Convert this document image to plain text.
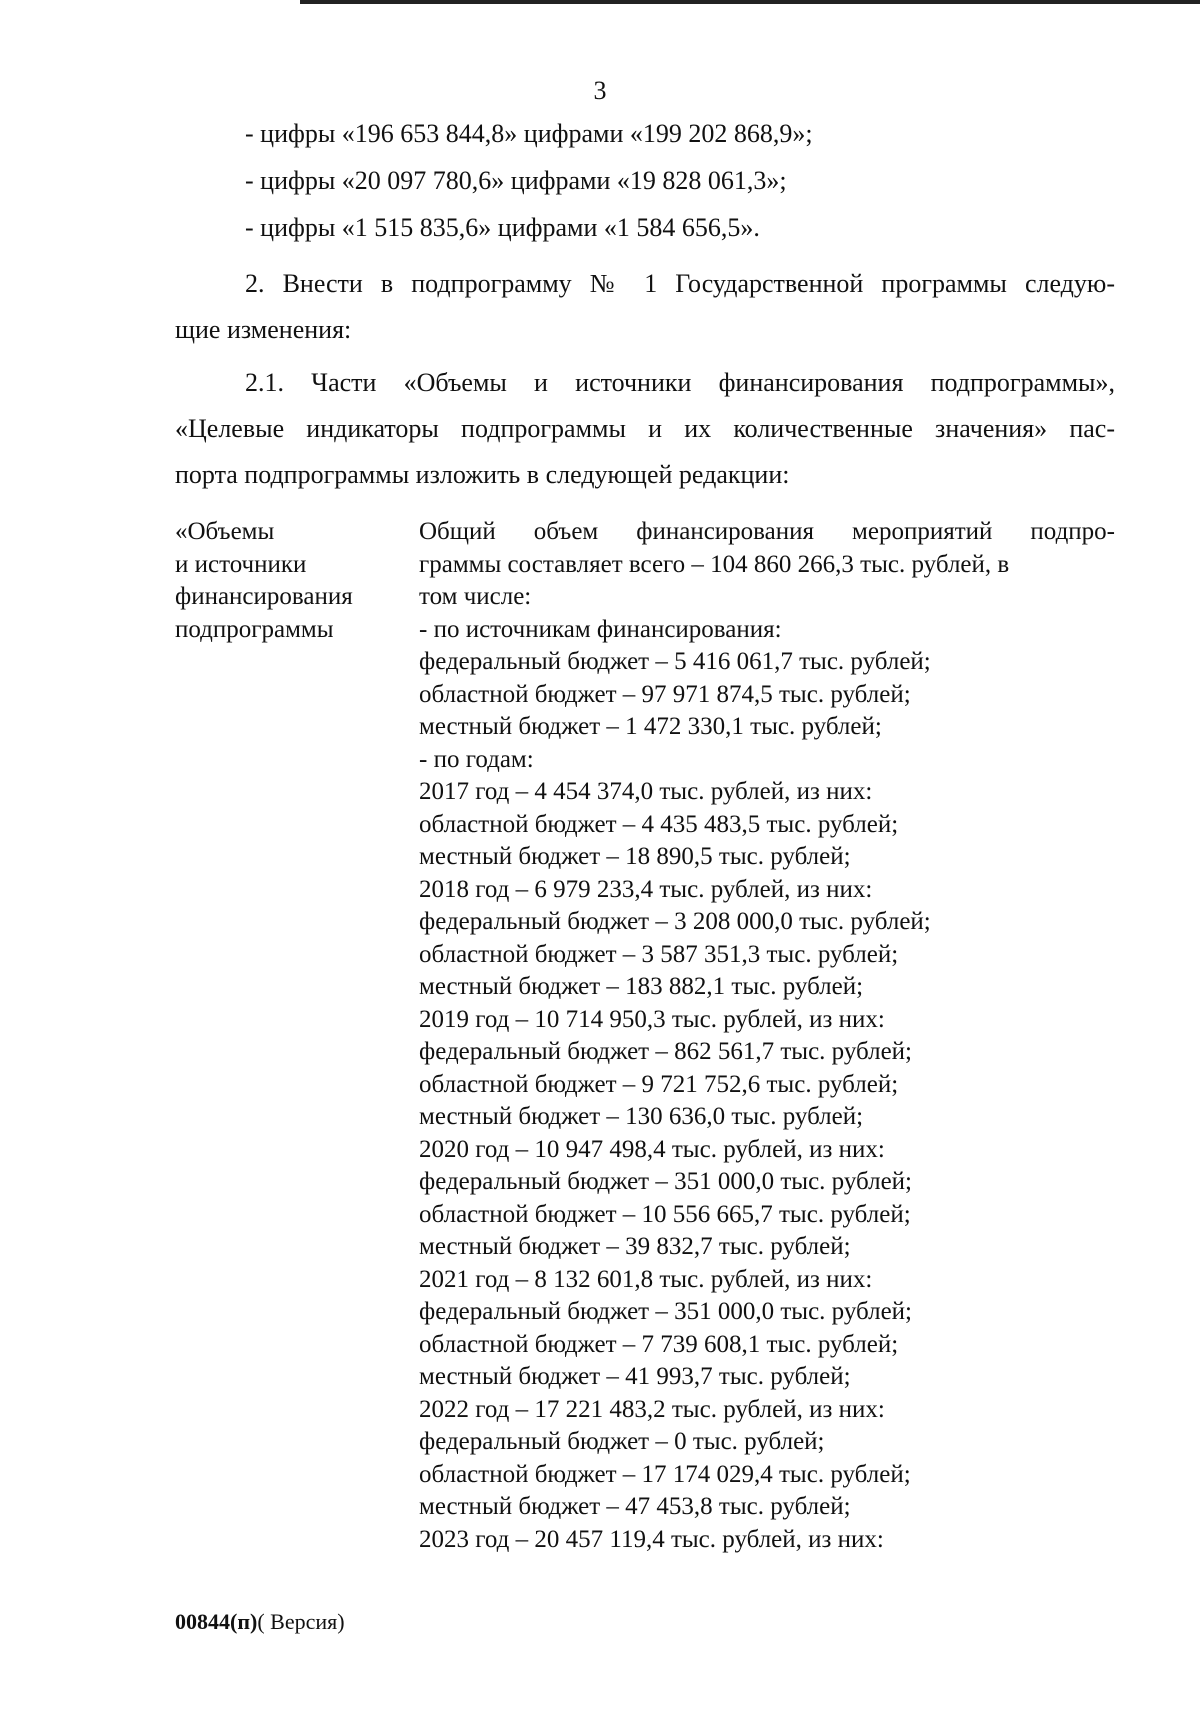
3
- цифры «196 653 844,8» цифрами «199 202 868,9»;
- цифры «20 097 780,6» цифрами «19 828 061,3»;
- цифры «1 515 835,6» цифрами «1 584 656,5».
2. Внести в подпрограмму № 1 Государственной программы следую-
щие изменения:
2.1. Части «Объемы и источники финансирования подпрограммы»,
«Целевые индикаторы подпрограммы и их количественные значения» пас-
порта подпрограммы изложить в следующей редакции:
«Объемы
и источники
финансирования
подпрограммы
Общий объем финансирования мероприятий подпро-
граммы составляет всего – 104 860 266,3 тыс. рублей, в
том числе:
- по источникам финансирования:
федеральный бюджет – 5 416 061,7 тыс. рублей;
областной бюджет – 97 971 874,5 тыс. рублей;
местный бюджет – 1 472 330,1 тыс. рублей;
- по годам:
2017 год – 4 454 374,0 тыс. рублей, из них:
областной бюджет – 4 435 483,5 тыс. рублей;
местный бюджет – 18 890,5 тыс. рублей;
2018 год – 6 979 233,4 тыс. рублей, из них:
федеральный бюджет – 3 208 000,0 тыс. рублей;
областной бюджет – 3 587 351,3 тыс. рублей;
местный бюджет – 183 882,1 тыс. рублей;
2019 год – 10 714 950,3 тыс. рублей, из них:
федеральный бюджет – 862 561,7 тыс. рублей;
областной бюджет – 9 721 752,6 тыс. рублей;
местный бюджет – 130 636,0 тыс. рублей;
2020 год – 10 947 498,4 тыс. рублей, из них:
федеральный бюджет – 351 000,0 тыс. рублей;
областной бюджет – 10 556 665,7 тыс. рублей;
местный бюджет – 39 832,7 тыс. рублей;
2021 год – 8 132 601,8 тыс. рублей, из них:
федеральный бюджет – 351 000,0 тыс. рублей;
областной бюджет – 7 739 608,1 тыс. рублей;
местный бюджет – 41 993,7 тыс. рублей;
2022 год – 17 221 483,2 тыс. рублей, из них:
федеральный бюджет – 0 тыс. рублей;
областной бюджет – 17 174 029,4 тыс. рублей;
местный бюджет – 47 453,8 тыс. рублей;
2023 год – 20 457 119,4 тыс. рублей, из них:
00844(п)( Версия)
